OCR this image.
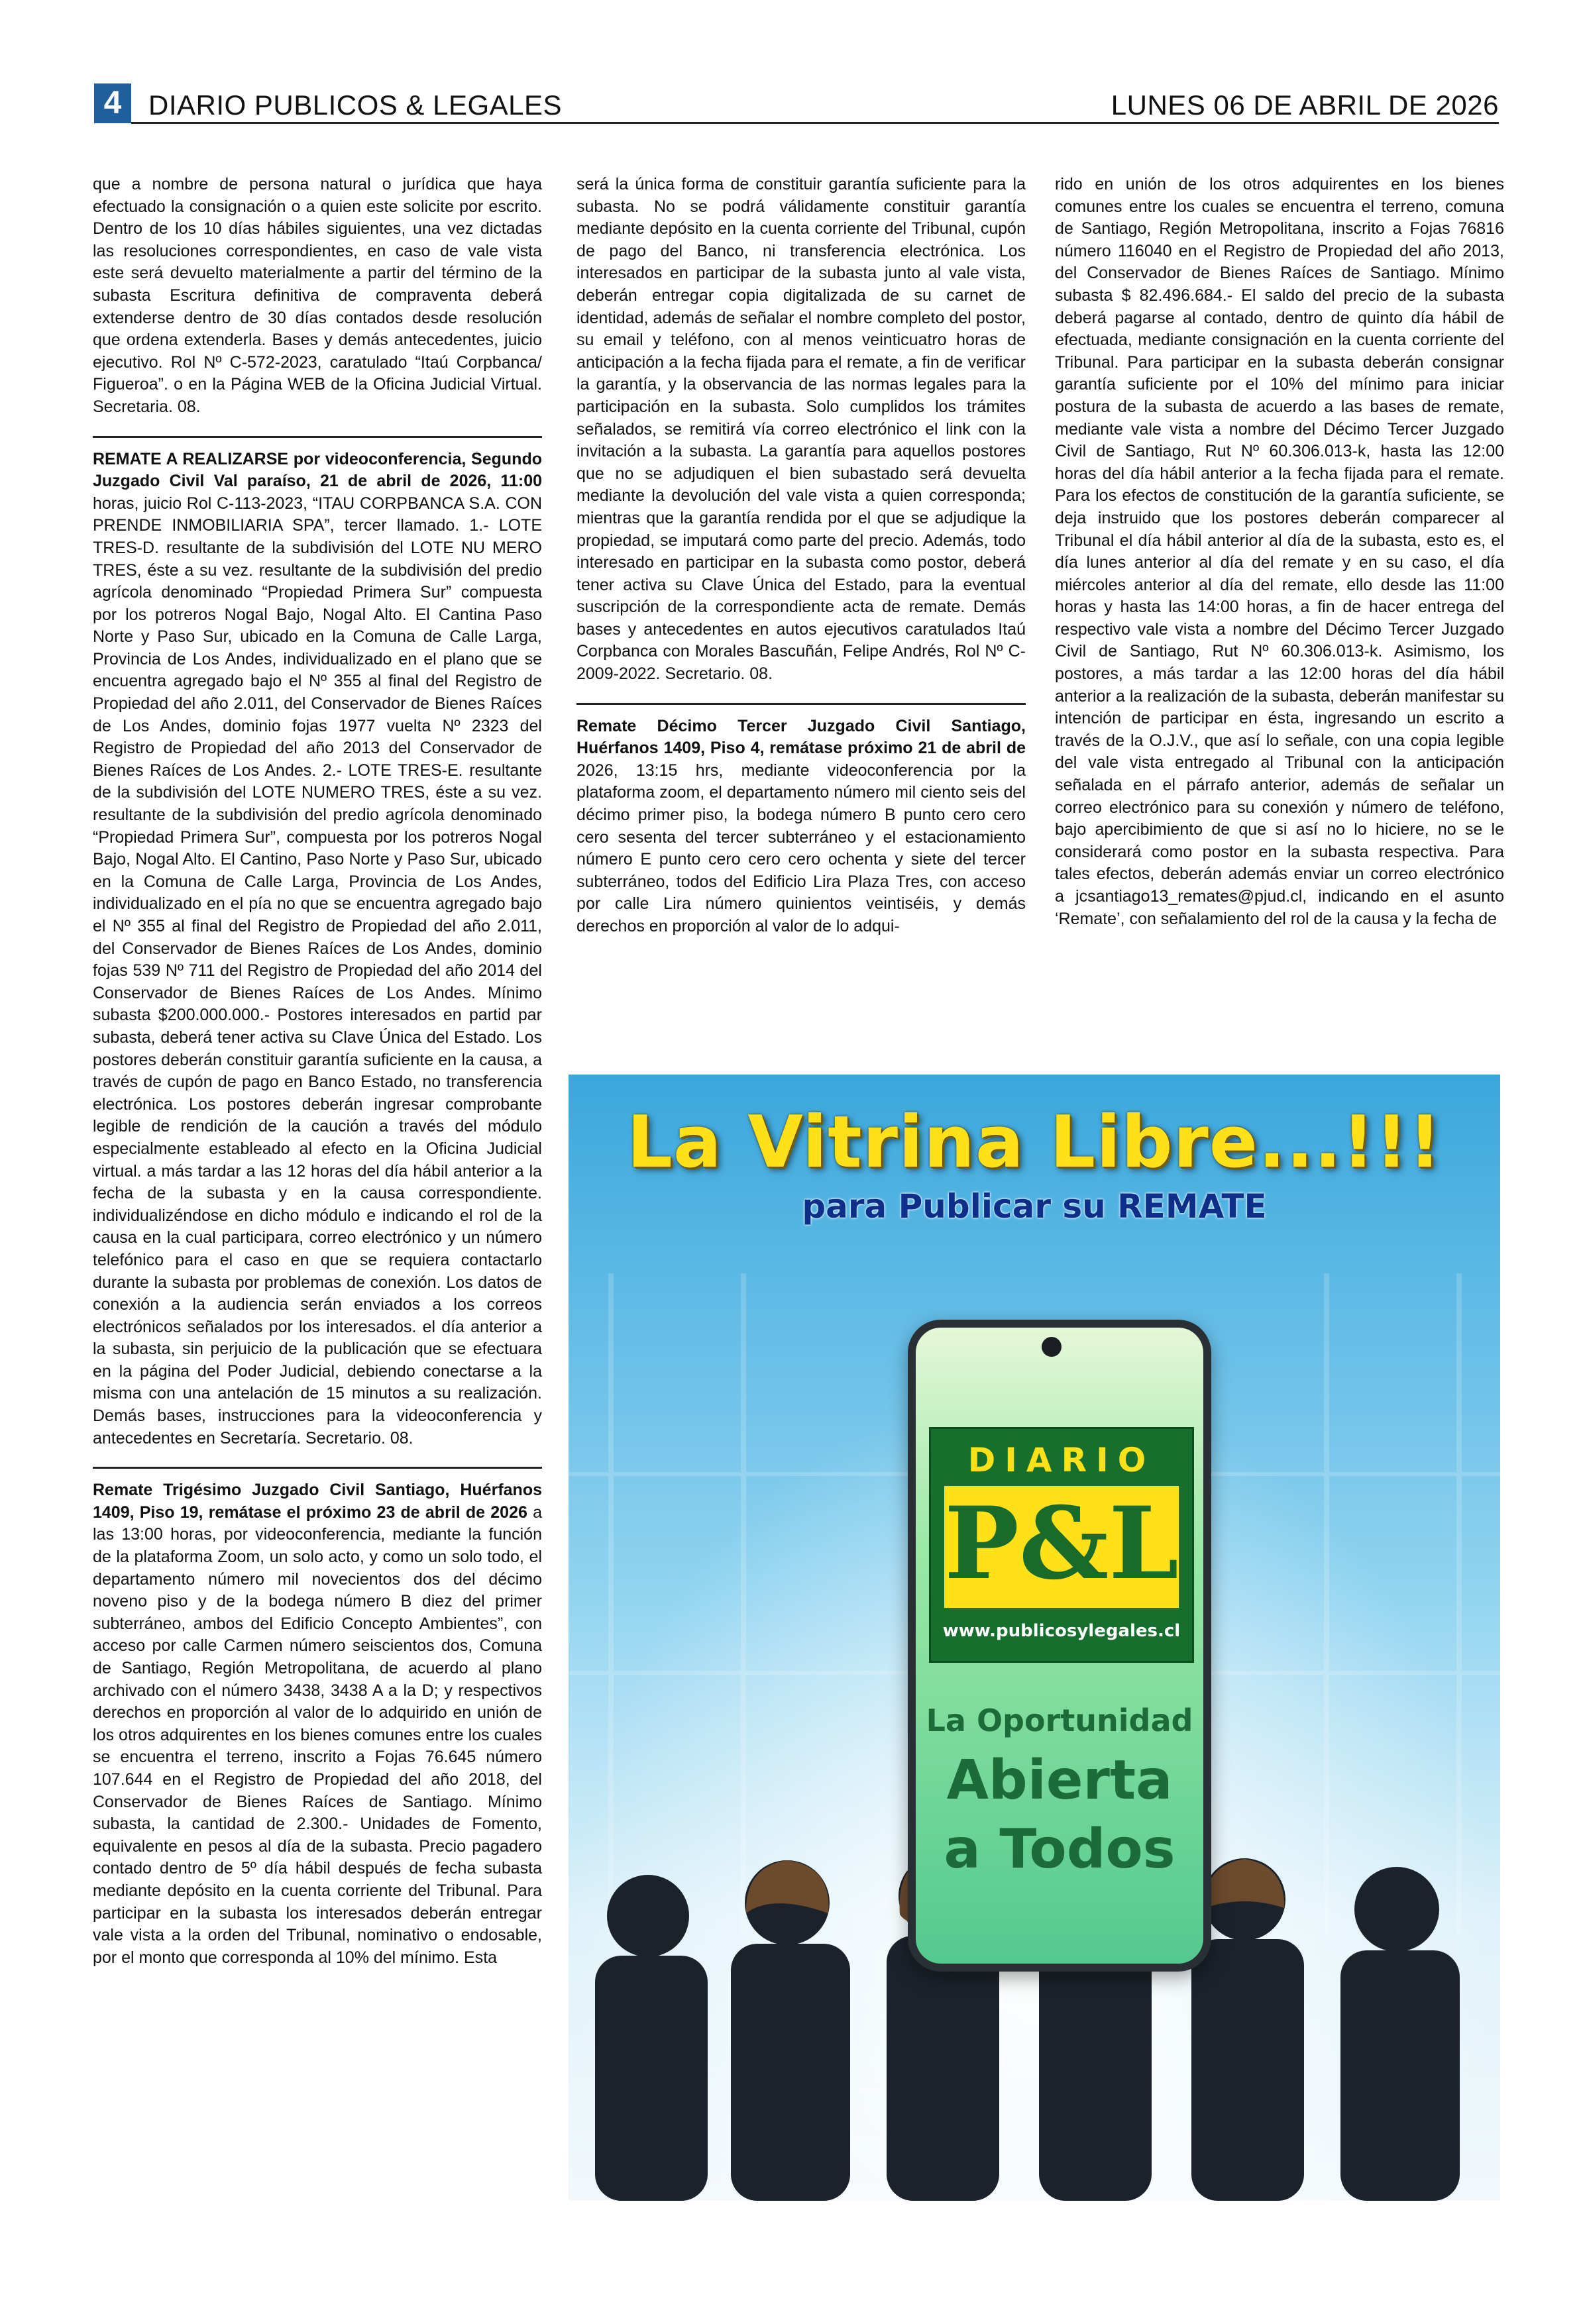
4 DIARIO PUBLICOS & LEGALES	LUNES 06 DE ABRIL DE 2026

que a nombre de persona natural o jurídica que haya efectuado la consignación o a quien este solicite por escrito. Dentro de los 10 días hábiles siguientes, una vez dictadas las resoluciones correspondientes, en caso de vale vista este será devuelto materialmente a partir del término de la subasta Escritura definitiva de compraventa deberá extenderse dentro de 30 días contados desde resolución que ordena extenderla. Bases y demás antecedentes, juicio ejecutivo. Rol Nº C-572-2023, caratulado “Itaú Corpbanca/ Figueroa”. o en la Página WEB de la Oficina Judicial Virtual. Secretaria. 08.

REMATE A REALIZARSE por videoconferencia, Segundo Juzgado Civil Val paraíso, 21 de abril de 2026, 11:00 horas, juicio Rol C-113-2023, “ITAU CORPBANCA S.A. CON PRENDE INMOBILIARIA SPA”, tercer llamado. 1.- LOTE TRES-D. resultante de la subdivisión del LOTE NU MERO TRES, éste a su vez. resultante de la subdivisión del predio agrícola denominado “Propiedad Primera Sur” compuesta por los potreros Nogal Bajo, Nogal Alto. El Cantina Paso Norte y Paso Sur, ubicado en la Comuna de Calle Larga, Provincia de Los Andes, individualizado en el plano que se encuentra agregado bajo el Nº 355 al final del Registro de Propiedad del año 2.011, del Conservador de Bienes Raíces de Los Andes, dominio fojas 1977 vuelta Nº 2323 del Registro de Propiedad del año 2013 del Conservador de Bienes Raíces de Los Andes. 2.- LOTE TRES-E. resultante de la subdivisión del LOTE NUMERO TRES, éste a su vez. resultante de la subdivisión del predio agrícola denominado “Propiedad Primera Sur”, compuesta por los potreros Nogal Bajo, Nogal Alto. El Cantino, Paso Norte y Paso Sur, ubicado en la Comuna de Calle Larga, Provincia de Los Andes, individualizado en el pía no que se encuentra agregado bajo el Nº 355 al final del Registro de Propiedad del año 2.011, del Conservador de Bienes Raíces de Los Andes, dominio fojas 539 Nº 711 del Registro de Propiedad del año 2014 del Conservador de Bienes Raíces de Los Andes. Mínimo subasta $200.000.000.- Postores interesados en partid par subasta, deberá tener activa su Clave Única del Estado. Los postores deberán constituir garantía suficiente en la causa, a través de cupón de pago en Banco Estado, no transferencia electrónica. Los postores deberán ingresar comprobante legible de rendición de la caución a través del módulo especialmente estableado al efecto en la Oficina Judicial virtual. a más tardar a las 12 horas del día hábil anterior a la fecha de la subasta y en la causa correspondiente. individualizéndose en dicho módulo e indicando el rol de la causa en la cual participara, correo electrónico y un número telefónico para el caso en que se requiera contactarlo durante la subasta por problemas de conexión. Los datos de conexión a la audiencia serán enviados a los correos electrónicos señalados por los interesados. el día anterior a la subasta, sin perjuicio de la publicación que se efectuara en la página del Poder Judicial, debiendo conectarse a la misma con una antelación de 15 minutos a su realización. Demás bases, instrucciones para la videoconferencia y antecedentes en Secretaría. Secretario. 08.

Remate Trigésimo Juzgado Civil Santiago, Huérfanos 1409, Piso 19, remátase el próximo 23 de abril de 2026 a las 13:00 horas, por videoconferencia, mediante la función de la plataforma Zoom, un solo acto, y como un solo todo, el departamento número mil novecientos dos del décimo noveno piso y de la bodega número B diez del primer subterráneo, ambos del Edificio Concepto Ambientes”, con acceso por calle Carmen número seiscientos dos, Comuna de Santiago, Región Metropolitana, de acuerdo al plano archivado con el número 3438, 3438 A a la D; y respectivos derechos en proporción al valor de lo adquirido en unión de los otros adquirentes en los bienes comunes entre los cuales se encuentra el terreno, inscrito a Fojas 76.645 número 107.644 en el Registro de Propiedad del año 2018, del Conservador de Bienes Raíces de Santiago. Mínimo subasta, la cantidad de 2.300.- Unidades de Fomento, equivalente en pesos al día de la subasta. Precio pagadero contado dentro de 5º día hábil después de fecha subasta mediante depósito en la cuenta corriente del Tribunal. Para participar en la subasta los interesados deberán entregar vale vista a la orden del Tribunal, nominativo o endosable, por el monto que corresponda al 10% del mínimo. Esta

será la única forma de constituir garantía suficiente para la subasta. No se podrá válidamente constituir garantía mediante depósito en la cuenta corriente del Tribunal, cupón de pago del Banco, ni transferencia electrónica. Los interesados en participar de la subasta junto al vale vista, deberán entregar copia digitalizada de su carnet de identidad, además de señalar el nombre completo del postor, su email y teléfono, con al menos veinticuatro horas de anticipación a la fecha fijada para el remate, a fin de verificar la garantía, y la observancia de las normas legales para la participación en la subasta. Solo cumplidos los trámites señalados, se remitirá vía correo electrónico el link con la invitación a la subasta. La garantía para aquellos postores que no se adjudiquen el bien subastado será devuelta mediante la devolución del vale vista a quien corresponda; mientras que la garantía rendida por el que se adjudique la propiedad, se imputará como parte del precio. Además, todo interesado en participar en la subasta como postor, deberá tener activa su Clave Única del Estado, para la eventual suscripción de la correspondiente acta de remate. Demás bases y antecedentes en autos ejecutivos caratulados Itaú Corpbanca con Morales Bascuñán, Felipe Andrés, Rol Nº C-2009-2022. Secretario. 08.

Remate Décimo Tercer Juzgado Civil Santiago, Huérfanos 1409, Piso 4, remátase próximo 21 de abril de 2026, 13:15 hrs, mediante videoconferencia por la plataforma zoom, el departamento número mil ciento seis del décimo primer piso, la bodega número B punto cero cero cero sesenta del tercer subterráneo y el estacionamiento número E punto cero cero cero ochenta y siete del tercer subterráneo, todos del Edificio Lira Plaza Tres, con acceso por calle Lira número quinientos veintiséis, y demás derechos en proporción al valor de lo adqui-

rido en unión de los otros adquirentes en los bienes comunes entre los cuales se encuentra el terreno, comuna de Santiago, Región Metropolitana, inscrito a Fojas 76816 número 116040 en el Registro de Propiedad del año 2013, del Conservador de Bienes Raíces de Santiago. Mínimo subasta $ 82.496.684.- El saldo del precio de la subasta deberá pagarse al contado, dentro de quinto día hábil de efectuada, mediante consignación en la cuenta corriente del Tribunal. Para participar en la subasta deberán consignar garantía suficiente por el 10% del mínimo para iniciar postura de la subasta de acuerdo a las bases de remate, mediante vale vista a nombre del Décimo Tercer Juzgado Civil de Santiago, Rut Nº 60.306.013-k, hasta las 12:00 horas del día hábil anterior a la fecha fijada para el remate. Para los efectos de constitución de la garantía suficiente, se deja instruido que los postores deberán comparecer al Tribunal el día hábil anterior al día de la subasta, esto es, el día lunes anterior al día del remate y en su caso, el día miércoles anterior al día del remate, ello desde las 11:00 horas y hasta las 14:00 horas, a fin de hacer entrega del respectivo vale vista a nombre del Décimo Tercer Juzgado Civil de Santiago, Rut Nº 60.306.013-k. Asimismo, los postores, a más tardar a las 12:00 horas del día hábil anterior a la realización de la subasta, deberán manifestar su intención de participar en ésta, ingresando un escrito a través de la O.J.V., que así lo señale, con una copia legible del vale vista entregado al Tribunal con la anticipación señalada en el párrafo anterior, además de señalar un correo electrónico para su conexión y número de teléfono, bajo apercibimiento de que si así no lo hiciere, no se le considerará como postor en la subasta respectiva. Para tales efectos, deberán además enviar un correo electrónico a jcsantiago13_remates@pjud.cl, indicando en el asunto ‘Remate’, con señalamiento del rol de la causa y la fecha de

La Vitrina Libre...!!!
para Publicar su REMATE
DIARIO
P&L
www.publicosylegales.cl
La Oportunidad
Abierta
a Todos
